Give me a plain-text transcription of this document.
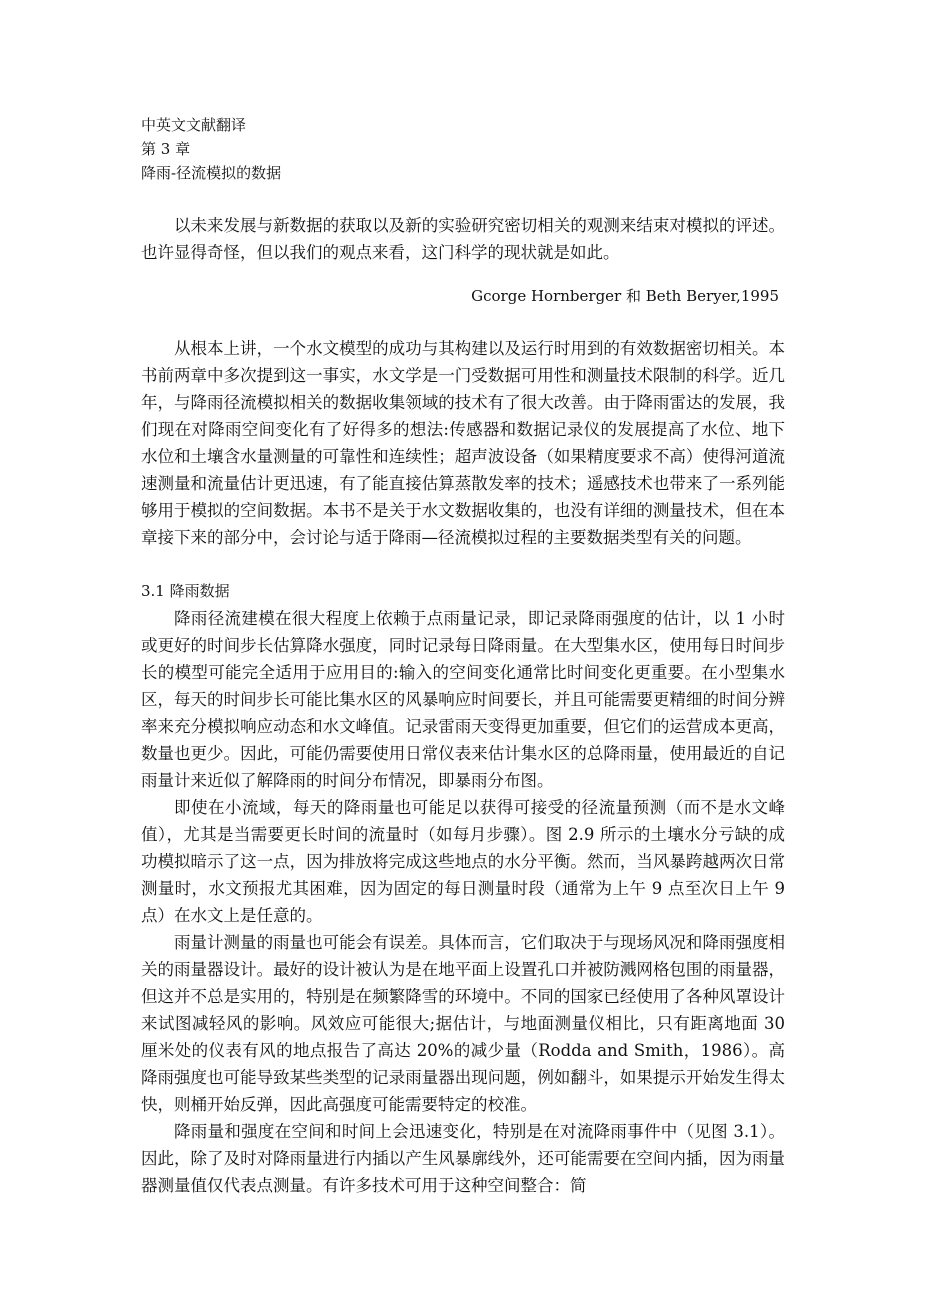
中英文文献翻译

第 3 章

降雨-径流模拟的数据

以未来发展与新数据的获取以及新的实验研究密切相关的观测来结束对模拟的评述。也许显得奇怪，但以我们的观点来看，这门科学的现状就是如此。

Gcorge Hornberger 和 Beth Beryer,1995

从根本上讲，一个水文模型的成功与其构建以及运行时用到的有效数据密切相关。本书前两章中多次提到这一事实，水文学是一门受数据可用性和测量技术限制的科学。近几年，与降雨径流模拟相关的数据收集领域的技术有了很大改善。由于降雨雷达的发展，我们现在对降雨空间变化有了好得多的想法:传感器和数据记录仪的发展提高了水位、地下水位和土壤含水量测量的可靠性和连续性；超声波设备（如果精度要求不高）使得河道流速测量和流量估计更迅速，有了能直接估算蒸散发率的技术；遥感技术也带来了一系列能够用于模拟的空间数据。本书不是关于水文数据收集的，也没有详细的测量技术，但在本章接下来的部分中，会讨论与适于降雨—径流模拟过程的主要数据类型有关的问题。

3.1 降雨数据

降雨径流建模在很大程度上依赖于点雨量记录，即记录降雨强度的估计，以 1 小时或更好的时间步长估算降水强度，同时记录每日降雨量。在大型集水区，使用每日时间步长的模型可能完全适用于应用目的:输入的空间变化通常比时间变化更重要。在小型集水区，每天的时间步长可能比集水区的风暴响应时间要长，并且可能需要更精细的时间分辨率来充分模拟响应动态和水文峰值。记录雷雨天变得更加重要，但它们的运营成本更高，数量也更少。因此，可能仍需要使用日常仪表来估计集水区的总降雨量，使用最近的自记雨量计来近似了解降雨的时间分布情况，即暴雨分布图。

即使在小流域，每天的降雨量也可能足以获得可接受的径流量预测（而不是水文峰值），尤其是当需要更长时间的流量时（如每月步骤）。图 2.9 所示的土壤水分亏缺的成功模拟暗示了这一点，因为排放将完成这些地点的水分平衡。然而，当风暴跨越两次日常测量时，水文预报尤其困难，因为固定的每日测量时段（通常为上午 9 点至次日上午 9 点）在水文上是任意的。

雨量计测量的雨量也可能会有误差。具体而言，它们取决于与现场风况和降雨强度相关的雨量器设计。最好的设计被认为是在地平面上设置孔口并被防溅网格包围的雨量器，但这并不总是实用的，特别是在频繁降雪的环境中。不同的国家已经使用了各种风罩设计来试图减轻风的影响。风效应可能很大;据估计，与地面测量仪相比，只有距离地面 30 厘米处的仪表有风的地点报告了高达 20%的减少量（Rodda and Smith，1986）。高降雨强度也可能导致某些类型的记录雨量器出现问题，例如翻斗，如果提示开始发生得太快，则桶开始反弹，因此高强度可能需要特定的校准。

降雨量和强度在空间和时间上会迅速变化，特别是在对流降雨事件中（见图 3.1）。因此，除了及时对降雨量进行内插以产生风暴廓线外，还可能需要在空间内插，因为雨量器测量值仅代表点测量。有许多技术可用于这种空间整合：简
